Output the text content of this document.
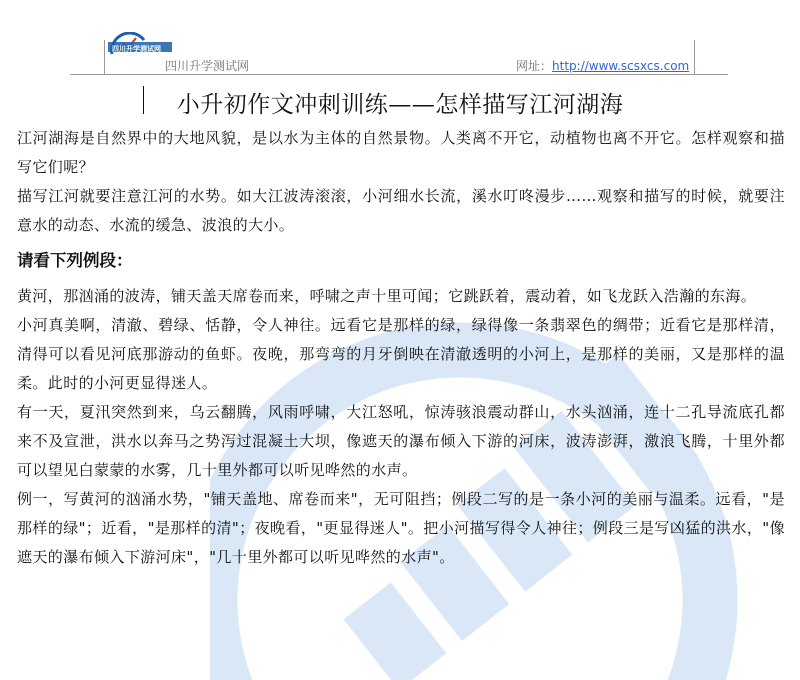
四川升学测试网
四川升学测试网	网址：http://www.scsxcs.com
小升初作文冲刺训练——怎样描写江河湖海

江河湖海是自然界中的大地风貌，是以水为主体的自然景物。人类离不开它，动植物也离不开它。怎样观察和描写它们呢？

描写江河就要注意江河的水势。如大江波涛滚滚，小河细水长流，溪水叮咚漫步……观察和描写的时候，就要注意水的动态、水流的缓急、波浪的大小。

请看下列例段：

黄河，那汹涌的波涛，铺天盖天席卷而来，呼啸之声十里可闻；它跳跃着，震动着，如飞龙跃入浩瀚的东海。

小河真美啊，清澈、碧绿、恬静，令人神往。远看它是那样的绿，绿得像一条翡翠色的绸带；近看它是那样清，清得可以看见河底那游动的鱼虾。夜晚，那弯弯的月牙倒映在清澈透明的小河上，是那样的美丽，又是那样的温柔。此时的小河更显得迷人。

有一天，夏汛突然到来，乌云翻腾，风雨呼啸，大江怒吼，惊涛骇浪震动群山，水头汹涌，连十二孔导流底孔都来不及宣泄，洪水以奔马之势泻过混凝土大坝，像遮天的瀑布倾入下游的河床，波涛澎湃，激浪飞腾，十里外都可以望见白蒙蒙的水雾，几十里外都可以听见哗然的水声。

例一，写黄河的汹涌水势，"铺天盖地、席卷而来"，无可阻挡；例段二写的是一条小河的美丽与温柔。远看，"是那样的绿"；近看，"是那样的清"；夜晚看，"更显得迷人"。把小河描写得令人神往；例段三是写凶猛的洪水，"像遮天的瀑布倾入下游河床"，"几十里外都可以听见哗然的水声"。
